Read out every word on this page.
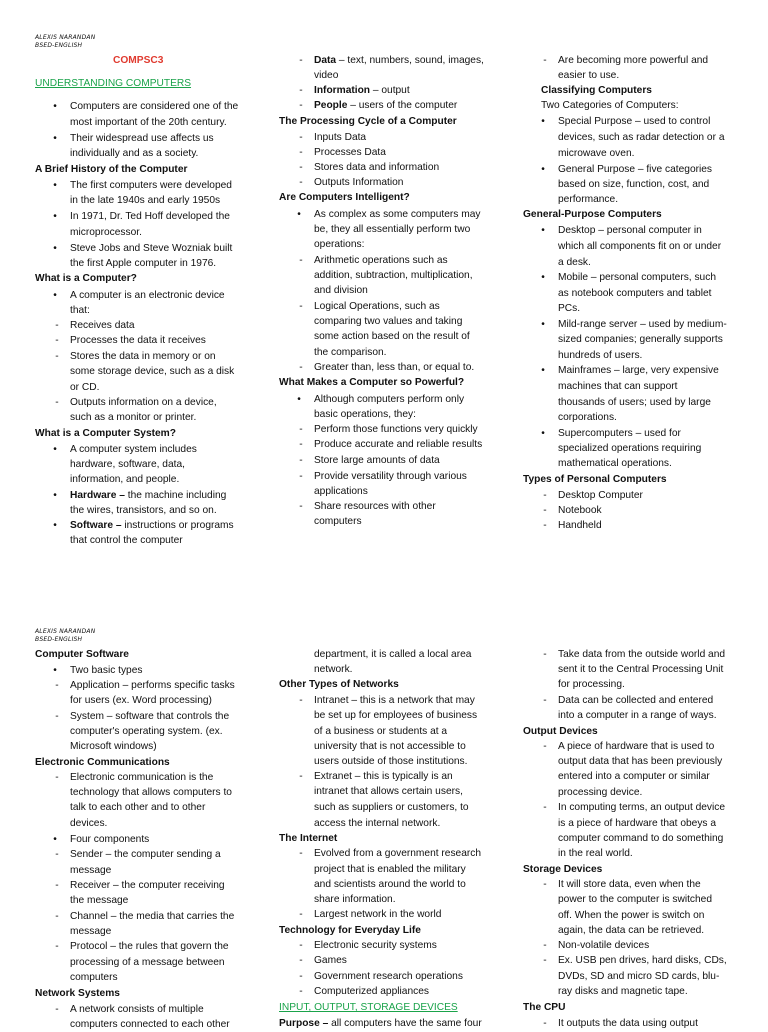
ALEXIS NARANDAN
BSED-ENGLISH
COMPSC3
UNDERSTANDING COMPUTERS
•	Computers are considered one of the
most important of the 20th century.
•	Their widespread use affects us
individually and as a society.
A Brief History of the Computer
•	The first computers were developed
in the late 1940s and early 1950s
•	In 1971, Dr. Ted Hoff developed the
microprocessor.
•	Steve Jobs and Steve Wozniak built
the first Apple computer in 1976.
What is a Computer?
•	A computer is an electronic device
that:
-	Receives data
-	Processes the data it receives
-	Stores the data in memory or on
some storage device, such as a disk
or CD.
-	Outputs information on a device,
such as a monitor or printer.
What is a Computer System?
•	A computer system includes
hardware, software, data,
information, and people.
•	Hardware – the machine including
the wires, transistors, and so on.
•	Software – instructions or programs
that control the computer
-	Data – text, numbers, sound, images,
video
-	Information – output
-	People – users of the computer
The Processing Cycle of a Computer
-	Inputs Data
-	Processes Data
-	Stores data and information
-	Outputs Information
Are Computers Intelligent?
•	As complex as some computers may
be, they all essentially perform two
operations:
-	Arithmetic operations such as
addition, subtraction, multiplication,
and division
-	Logical Operations, such as
comparing two values and taking
some action based on the result of
the comparison.
-	Greater than, less than, or equal to.
What Makes a Computer so Powerful?
•	Although computers perform only
basic operations, they:
-	Perform those functions very quickly
-	Produce accurate and reliable results
-	Store large amounts of data
-	Provide versatility through various
applications
-	Share resources with other
computers
-	Are becoming more powerful and
easier to use.
Classifying Computers
Two Categories of Computers:
•	Special Purpose – used to control
devices, such as radar detection or a
microwave oven.
•	General Purpose – five categories
based on size, function, cost, and
performance.
General-Purpose Computers
•	Desktop – personal computer in
which all components fit on or under
a desk.
•	Mobile – personal computers, such
as notebook computers and tablet
PCs.
•	Mild-range server – used by medium-
sized companies; generally supports
hundreds of users.
•	Mainframes – large, very expensive
machines that can support
thousands of users; used by large
corporations.
•	Supercomputers – used for
specialized operations requiring
mathematical operations.
Types of Personal Computers
-	Desktop Computer
-	Notebook
-	Handheld
ALEXIS NARANDAN
BSED-ENGLISH
Computer Software
•	Two basic types
-	Application – performs specific tasks
for users (ex. Word processing)
-	System – software that controls the
computer's operating system. (ex.
Microsoft windows)
Electronic Communications
-	Electronic communication is the
technology that allows computers to
talk to each other and to other
devices.
•	Four components
-	Sender – the computer sending a
message
-	Receiver – the computer receiving
the message
-	Channel – the media that carries the
message
-	Protocol – the rules that govern the
processing of a message between
computers
Network Systems
-	A network consists of multiple
computers connected to each other
department, it is called a local area
network.
Other Types of Networks
-	Intranet – this is a network that may
be set up for employees of business
of a business or students at a
university that is not accessible to
users outside of those institutions.
-	Extranet – this is typically is an
intranet that allows certain users,
such as suppliers or customers, to
access the internal network.
The Internet
-	Evolved from a government research
project that is enabled the military
and scientists around the world to
share information.
-	Largest network in the world
Technology for Everyday Life
-	Electronic security systems
-	Games
-	Government research operations
-	Computerized appliances
INPUT, OUTPUT, STORAGE DEVICES
Purpose – all computers have the same four
-	Take data from the outside world and
sent it to the Central Processing Unit
for processing.
-	Data can be collected and entered
into a computer in a range of ways.
Output Devices
-	A piece of hardware that is used to
output data that has been previously
entered into a computer or similar
processing device.
-	In computing terms, an output device
is a piece of hardware that obeys a
computer command to do something
in the real world.
Storage Devices
-	It will store data, even when the
power to the computer is switched
off. When the power is switch on
again, the data can be retrieved.
-	Non-volatile devices
-	Ex. USB pen drives, hard disks, CDs,
DVDs, SD and micro SD cards, blu-
ray disks and magnetic tape.
The CPU
-	It outputs the data using output
